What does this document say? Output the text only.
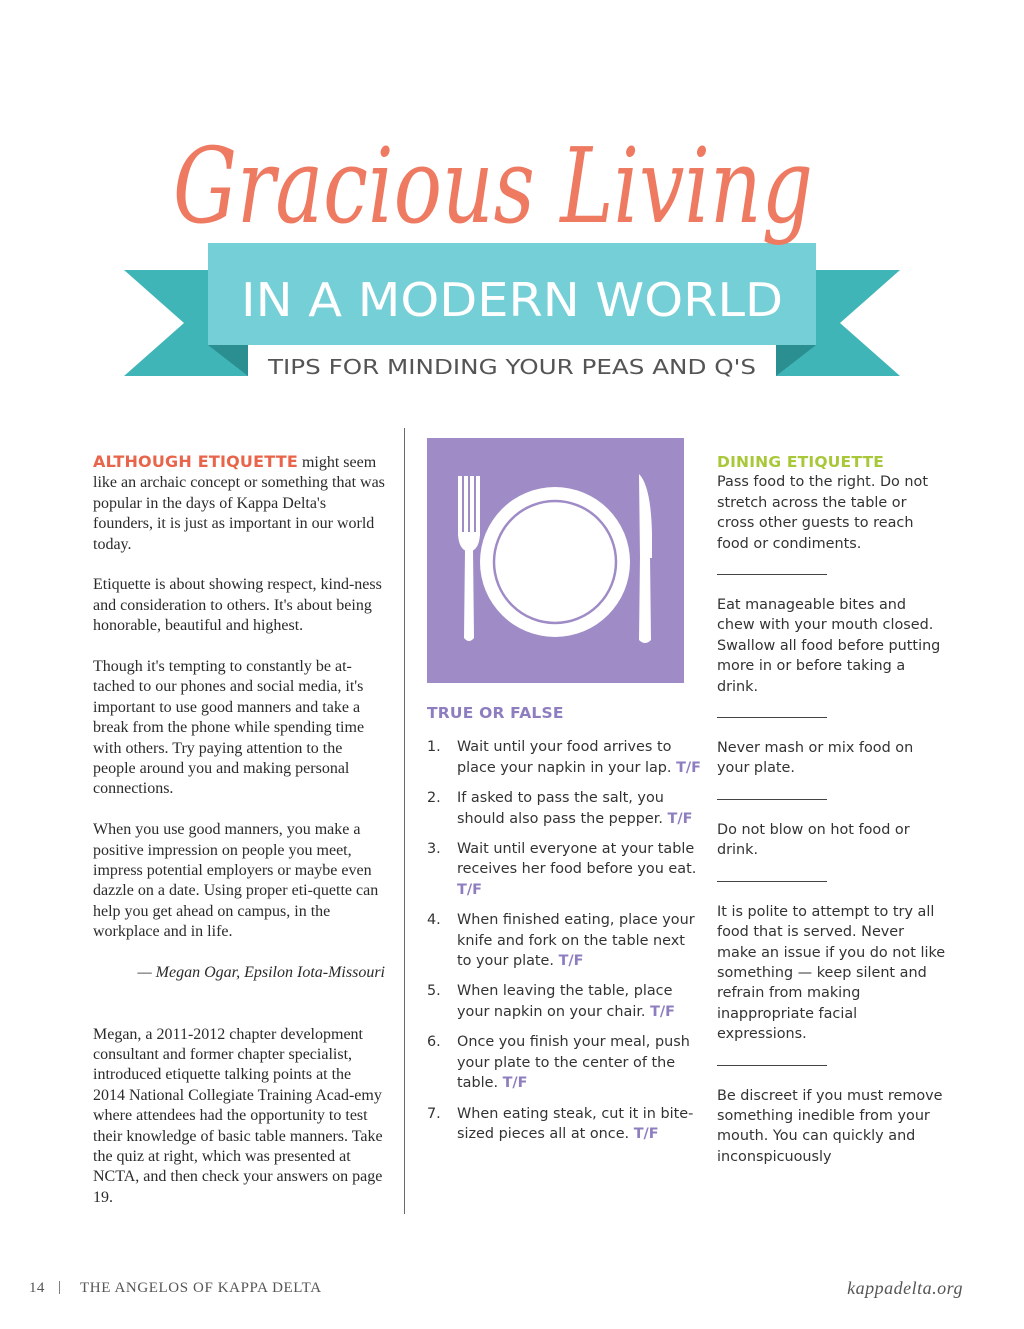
Gracious Living
IN A MODERN WORLD
TIPS FOR MINDING YOUR PEAS AND Q'S

ALTHOUGH ETIQUETTE might seem like an archaic concept or something that was popular in the days of Kappa Delta's founders, it is just as important in our world today.

Etiquette is about showing respect, kind-ness and consideration to others. It's about being honorable, beautiful and highest.

Though it's tempting to constantly be at-tached to our phones and social media, it's important to use good manners and take a break from the phone while spending time with others. Try paying attention to the people around you and making personal connections.

When you use good manners, you make a positive impression on people you meet, impress potential employers or maybe even dazzle on a date. Using proper eti-quette can help you get ahead on campus, in the workplace and in life.

— Megan Ogar, Epsilon Iota-Missouri

Megan, a 2011-2012 chapter development consultant and former chapter specialist, introduced etiquette talking points at the 2014 National Collegiate Training Acad-emy where attendees had the opportunity to test their knowledge of basic table manners. Take the quiz at right, which was presented at NCTA, and then check your answers on page 19.

TRUE OR FALSE
1. Wait until your food arrives to place your napkin in your lap. T/F
2. If asked to pass the salt, you should also pass the pepper. T/F
3. Wait until everyone at your table receives her food before you eat. T/F
4. When finished eating, place your knife and fork on the table next to your plate. T/F
5. When leaving the table, place your napkin on your chair. T/F
6. Once you finish your meal, push your plate to the center of the table. T/F
7. When eating steak, cut it in bite-sized pieces all at once. T/F
DINING ETIQUETTE

Pass food to the right. Do not stretch across the table or cross other guests to reach food or condiments.

Eat manageable bites and chew with your mouth closed. Swallow all food before putting more in or before taking a drink.

Never mash or mix food on your plate.

Do not blow on hot food or drink.

It is polite to attempt to try all food that is served. Never make an issue if you do not like something — keep silent and refrain from making inappropriate facial expressions.

Be discreet if you must remove something inedible from your mouth. You can quickly and inconspicuously

14 | THE ANGELOS OF KAPPA DELTA	kappadelta.org
